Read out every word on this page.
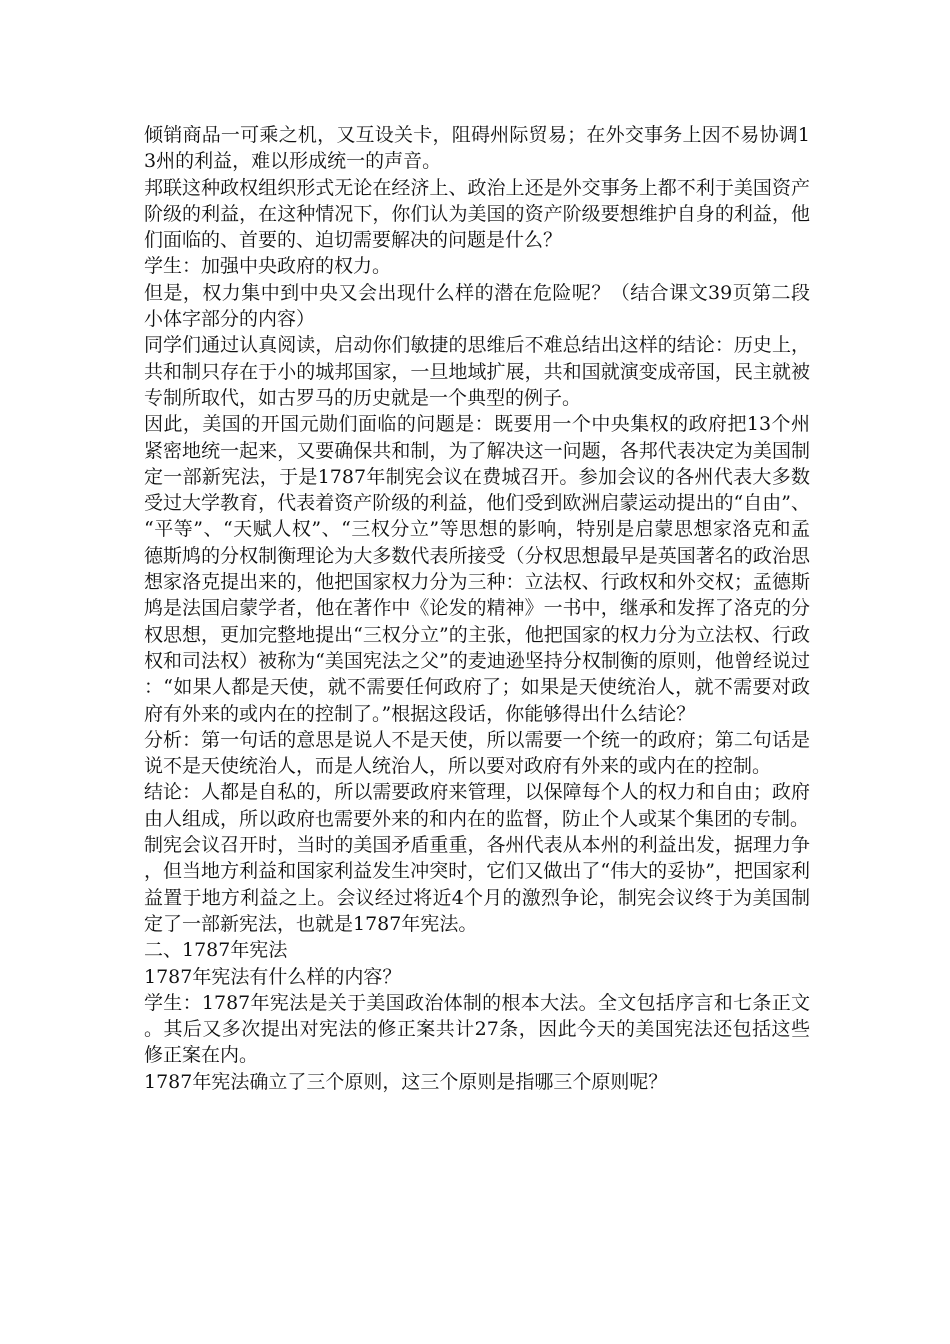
倾销商品一可乘之机，又互设关卡，阻碍州际贸易；在外交事务上因不易协调13州的利益，难以形成统一的声音。

邦联这种政权组织形式无论在经济上、政治上还是外交事务上都不利于美国资产阶级的利益，在这种情况下，你们认为美国的资产阶级要想维护自身的利益，他们面临的、首要的、迫切需要解决的问题是什么？

学生：加强中央政府的权力。

但是，权力集中到中央又会出现什么样的潜在危险呢？（结合课文39页第二段小体字部分的内容）

同学们通过认真阅读，启动你们敏捷的思维后不难总结出这样的结论：历史上，共和制只存在于小的城邦国家，一旦地域扩展，共和国就演变成帝国，民主就被专制所取代，如古罗马的历史就是一个典型的例子。

因此，美国的开国元勋们面临的问题是：既要用一个中央集权的政府把13个州紧密地统一起来，又要确保共和制，为了解决这一问题，各邦代表决定为美国制定一部新宪法，于是1787年制宪会议在费城召开。参加会议的各州代表大多数受过大学教育，代表着资产阶级的利益，他们受到欧洲启蒙运动提出的“自由”、“平等”、“天赋人权”、“三权分立”等思想的影响，特别是启蒙思想家洛克和孟德斯鸠的分权制衡理论为大多数代表所接受（分权思想最早是英国著名的政治思想家洛克提出来的，他把国家权力分为三种：立法权、行政权和外交权；孟德斯鸠是法国启蒙学者，他在著作中《论发的精神》一书中，继承和发挥了洛克的分权思想，更加完整地提出“三权分立”的主张，他把国家的权力分为立法权、行政权和司法权）被称为“美国宪法之父”的麦迪逊坚持分权制衡的原则，他曾经说过：“如果人都是天使，就不需要任何政府了；如果是天使统治人，就不需要对政府有外来的或内在的控制了。”根据这段话，你能够得出什么结论？

分析：第一句话的意思是说人不是天使，所以需要一个统一的政府；第二句话是说不是天使统治人，而是人统治人，所以要对政府有外来的或内在的控制。

结论：人都是自私的，所以需要政府来管理，以保障每个人的权力和自由；政府由人组成，所以政府也需要外来的和内在的监督，防止个人或某个集团的专制。

制宪会议召开时，当时的美国矛盾重重，各州代表从本州的利益出发，据理力争，但当地方利益和国家利益发生冲突时，它们又做出了“伟大的妥协”，把国家利益置于地方利益之上。会议经过将近4个月的激烈争论，制宪会议终于为美国制定了一部新宪法，也就是1787年宪法。

二、1787年宪法

1787年宪法有什么样的内容？

学生：1787年宪法是关于美国政治体制的根本大法。全文包括序言和七条正文。其后又多次提出对宪法的修正案共计27条，因此今天的美国宪法还包括这些修正案在内。

1787年宪法确立了三个原则，这三个原则是指哪三个原则呢？
